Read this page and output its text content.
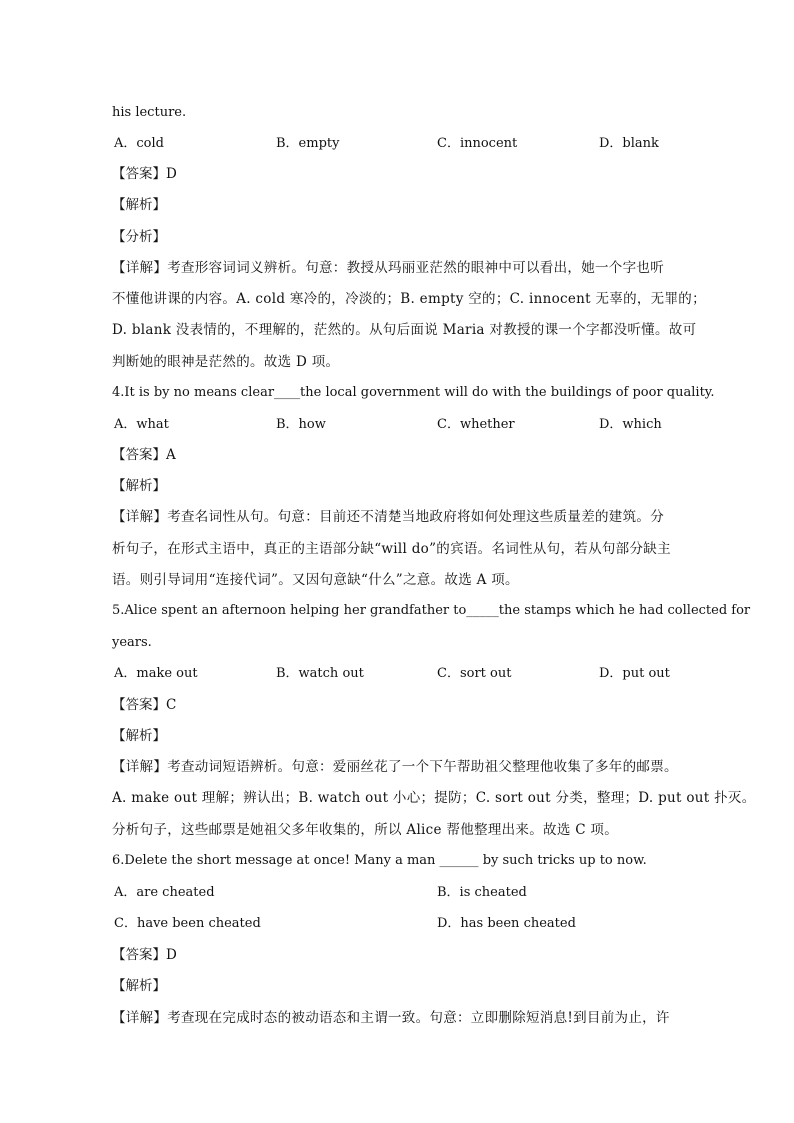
his lecture.
A．cold	B．empty	C．innocent	D．blank
【答案】D
【解析】
【分析】
【详解】考查形容词词义辨析。句意：教授从玛丽亚茫然的眼神中可以看出，她一个字也听
不懂他讲课的内容。A. cold 寒冷的，冷淡的；B. empty 空的；C. innocent 无辜的，无罪的；
D. blank 没表情的，不理解的，茫然的。从句后面说 Maria 对教授的课一个字都没听懂。故可
判断她的眼神是茫然的。故选 D 项。
4.It is by no means clear____the local government will do with the buildings of poor quality.
A．what	B．how	C．whether	D．which
【答案】A
【解析】
【详解】考查名词性从句。句意：目前还不清楚当地政府将如何处理这些质量差的建筑。分
析句子，在形式主语中，真正的主语部分缺“will do”的宾语。名词性从句，若从句部分缺主
语。则引导词用“连接代词”。又因句意缺“什么”之意。故选 A 项。
5.Alice spent an afternoon helping her grandfather to_____the stamps which he had collected for
years.
A．make out	B．watch out	C．sort out	D．put out
【答案】C
【解析】
【详解】考查动词短语辨析。句意：爱丽丝花了一个下午帮助祖父整理他收集了多年的邮票。
A. make out 理解；辨认出；B. watch out 小心；提防；C. sort out 分类，整理；D. put out 扑灭。
分析句子，这些邮票是她祖父多年收集的，所以 Alice 帮他整理出来。故选 C 项。
6.Delete the short message at once! Many a man ______ by such tricks up to now.
A．are cheated	B．is cheated
C．have been cheated	D．has been cheated
【答案】D
【解析】
【详解】考查现在完成时态的被动语态和主谓一致。句意：立即删除短消息!到目前为止，许
